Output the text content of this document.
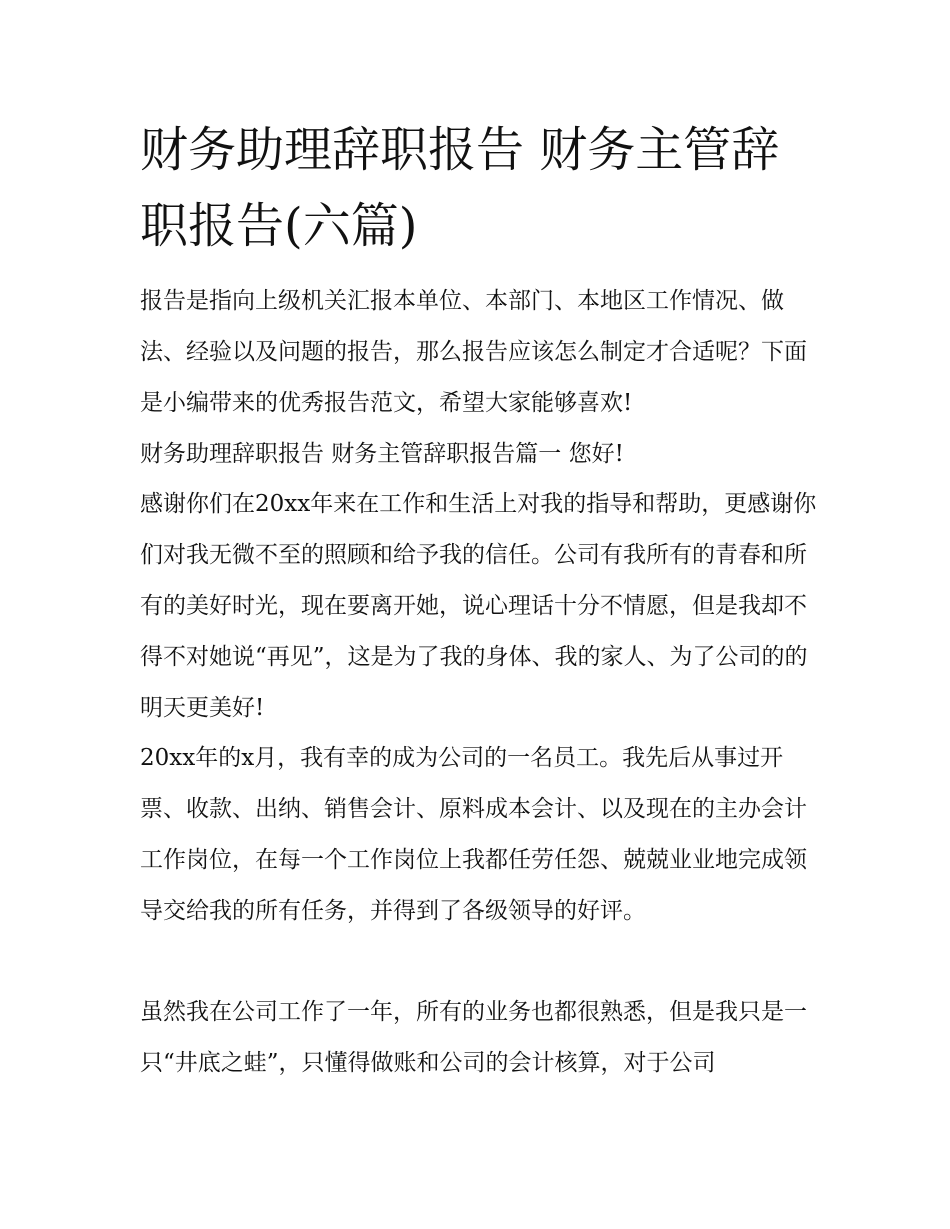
财务助理辞职报告 财务主管辞职报告(六篇)

报告是指向上级机关汇报本单位、本部门、本地区工作情况、做法、经验以及问题的报告，那么报告应该怎么制定才合适呢？下面是小编带来的优秀报告范文，希望大家能够喜欢!

财务助理辞职报告 财务主管辞职报告篇一 您好!

感谢你们在20xx年来在工作和生活上对我的指导和帮助，更感谢你们对我无微不至的照顾和给予我的信任。公司有我所有的青春和所有的美好时光，现在要离开她，说心理话十分不情愿，但是我却不得不对她说“再见”，这是为了我的身体、我的家人、为了公司的的明天更美好!

20xx年的x月，我有幸的成为公司的一名员工。我先后从事过开票、收款、出纳、销售会计、原料成本会计、以及现在的主办会计工作岗位，在每一个工作岗位上我都任劳任怨、兢兢业业地完成领导交给我的所有任务，并得到了各级领导的好评。

虽然我在公司工作了一年，所有的业务也都很熟悉，但是我只是一只“井底之蛙”，只懂得做账和公司的会计核算，对于公司
